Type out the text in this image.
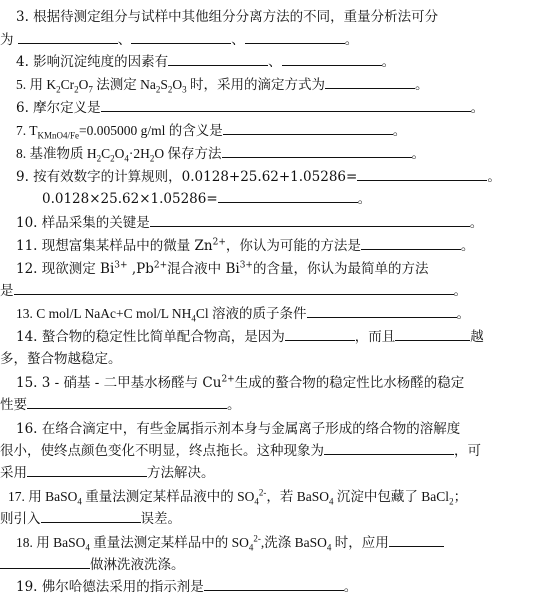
3. 根据待测定组分与试样中其他组分分离方法的不同，重量分析法可分
为	、	、	。
4. 影响沉淀纯度的因素有	、	。
5. 用 $K_2Cr_2O_7$ 法测定 $Na_2S_2O_3$ 时，采用的滴定方式为	。
6. 摩尔定义是	。
7. $T_{KMnO4/Fe}=0.005000$ g/ml 的含义是	。
8. 基准物质 $H_2C_2O_4\cdot 2H_2O$ 保存方法	。
9. 按有效数字的计算规则，0.0128+25.62+1.05286=	。
0.0128×25.62×1.05286=	。
10. 样品采集的关键是	。
11. 现想富集某样品中的微量 $Zn^{2+}$，你认为可能的方法是	。
12. 现欲测定 $Bi^{3+}$ $,Pb^{2+}$混合液中 $Bi^{3+}$的含量，你认为最简单的方法
是	。
13. C mol/L NaAc+C mol/L $NH_4Cl$ 溶液的质子条件	。
14. 螯合物的稳定性比简单配合物高，是因为	，而且	越
多，螯合物越稳定。
15. 3 - 硝基 - 二甲基水杨醛与 $Cu^{2+}$生成的螯合物的稳定性比水杨醛的稳定
性要	。
16. 在络合滴定中，有些金属指示剂本身与金属离子形成的络合物的溶解度
很小，使终点颜色变化不明显，终点拖长。这种现象为	，可
采用	方法解决。
17. 用 BaSO$_4$ 重量法测定某样品液中的 $SO_4^{2-}$，若 BaSO$_4$ 沉淀中包藏了 BaCl$_2$；
则引入	误差。
18. 用 BaSO$_4$ 重量法测定某样品中的 $SO_4^{2-}$,洗涤 BaSO$_4$ 时，应用
做淋洗液洗涤。
19. 佛尔哈德法采用的指示剂是	。
